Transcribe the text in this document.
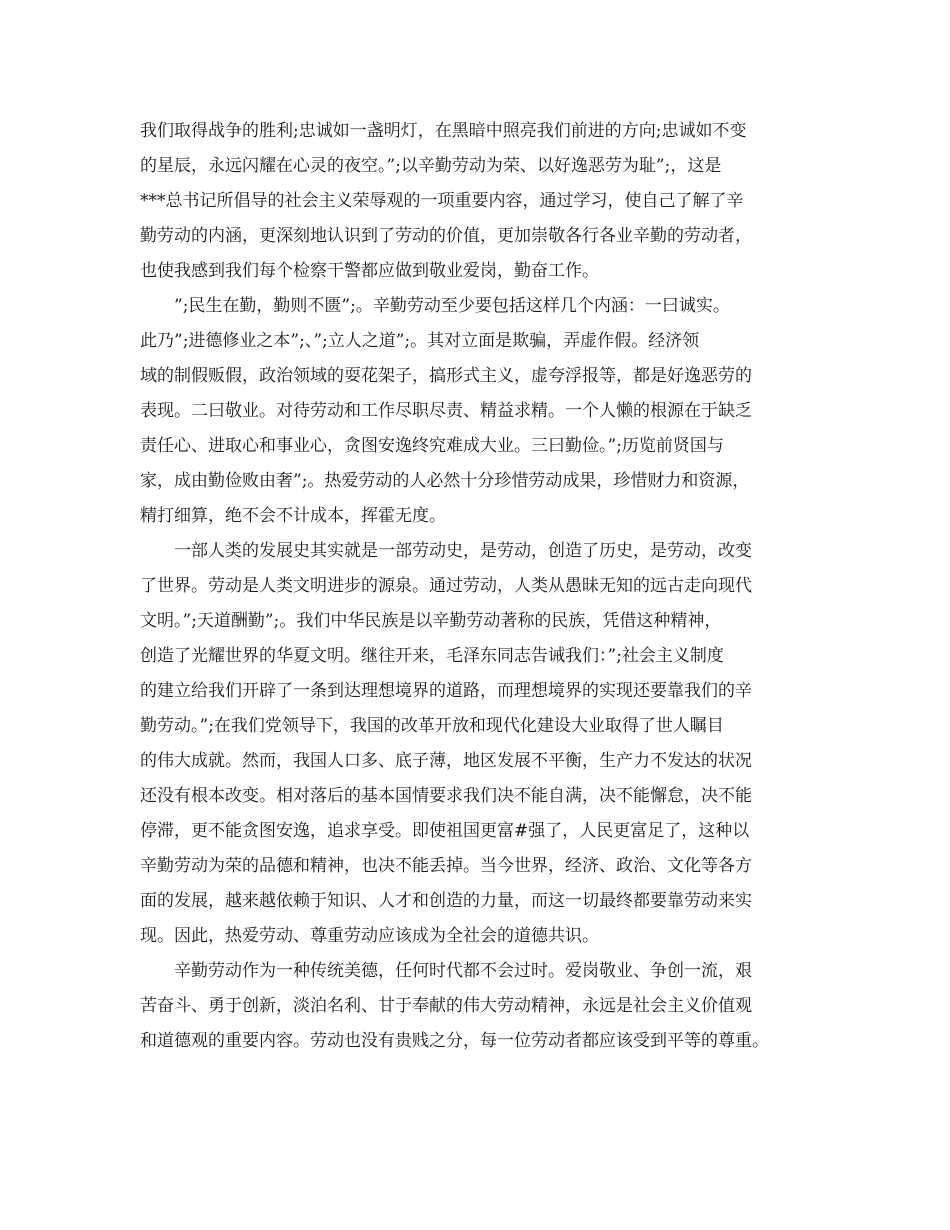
我们取得战争的胜利;忠诚如一盏明灯，在黑暗中照亮我们前进的方向;忠诚如不变
的星辰，永远闪耀在心灵的夜空。”;以辛勤劳动为荣、以好逸恶劳为耻”;，这是
***总书记所倡导的社会主义荣辱观的一项重要内容，通过学习，使自己了解了辛
勤劳动的内涵，更深刻地认识到了劳动的价值，更加崇敬各行各业辛勤的劳动者，
也使我感到我们每个检察干警都应做到敬业爱岗，勤奋工作。
　　”;民生在勤，勤则不匮”;。辛勤劳动至少要包括这样几个内涵：一曰诚实。
此乃”;进德修业之本”;、”;立人之道”;。其对立面是欺骗，弄虚作假。经济领
域的制假贩假，政治领域的耍花架子，搞形式主义，虚夸浮报等，都是好逸恶劳的
表现。二曰敬业。对待劳动和工作尽职尽责、精益求精。一个人懒的根源在于缺乏
责任心、进取心和事业心，贪图安逸终究难成大业。三曰勤俭。”;历览前贤国与
家，成由勤俭败由奢”;。热爱劳动的人必然十分珍惜劳动成果，珍惜财力和资源，
精打细算，绝不会不计成本，挥霍无度。
　　一部人类的发展史其实就是一部劳动史，是劳动，创造了历史，是劳动，改变
了世界。劳动是人类文明进步的源泉。通过劳动，人类从愚昧无知的远古走向现代
文明。”;天道酬勤”;。我们中华民族是以辛勤劳动著称的民族，凭借这种精神，
创造了光耀世界的华夏文明。继往开来，毛泽东同志告诫我们：”;社会主义制度
的建立给我们开辟了一条到达理想境界的道路，而理想境界的实现还要靠我们的辛
勤劳动。”;在我们党领导下，我国的改革开放和现代化建设大业取得了世人瞩目
的伟大成就。然而，我国人口多、底子薄，地区发展不平衡，生产力不发达的状况
还没有根本改变。相对落后的基本国情要求我们决不能自满，决不能懈怠，决不能
停滞，更不能贪图安逸，追求享受。即使祖国更富#强了，人民更富足了，这种以
辛勤劳动为荣的品德和精神，也决不能丢掉。当今世界，经济、政治、文化等各方
面的发展，越来越依赖于知识、人才和创造的力量，而这一切最终都要靠劳动来实
现。因此，热爱劳动、尊重劳动应该成为全社会的道德共识。
　　辛勤劳动作为一种传统美德，任何时代都不会过时。爱岗敬业、争创一流，艰
苦奋斗、勇于创新，淡泊名利、甘于奉献的伟大劳动精神，永远是社会主义价值观
和道德观的重要内容。劳动也没有贵贱之分，每一位劳动者都应该受到平等的尊重。
